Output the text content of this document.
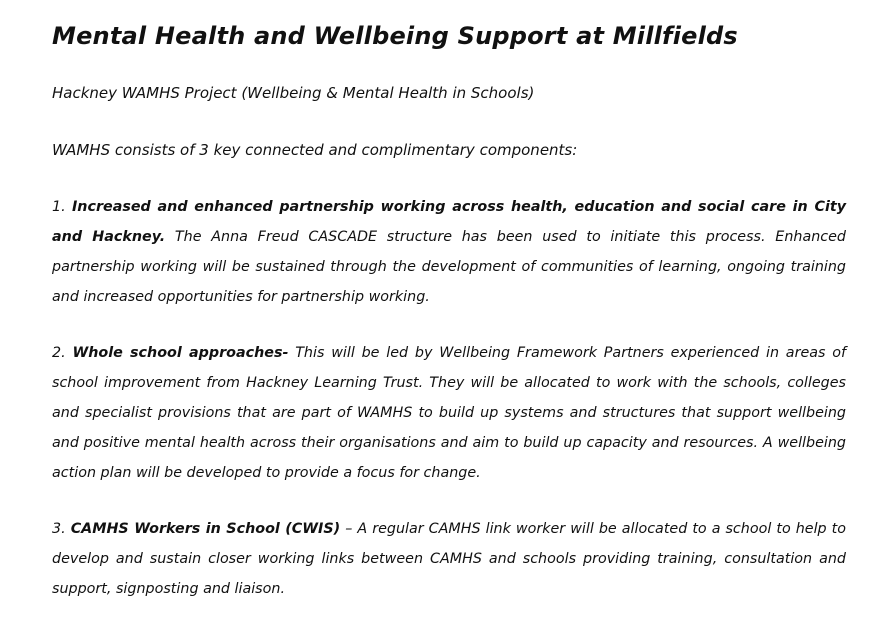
Mental Health and Wellbeing Support at Millfields
Hackney WAMHS Project (Wellbeing & Mental Health in Schools)
WAMHS consists of 3 key connected and complimentary components:

1. Increased and enhanced partnership working across health, education and social care in City and Hackney. The Anna Freud CASCADE structure has been used to initiate this process. Enhanced partnership working will be sustained through the development of communities of learning, ongoing training and increased opportunities for partnership working.

2. Whole school approaches- This will be led by Wellbeing Framework Partners experienced in areas of school improvement from Hackney Learning Trust. They will be allocated to work with the schools, colleges and specialist provisions that are part of WAMHS to build up systems and structures that support wellbeing and positive mental health across their organisations and aim to build up capacity and resources. A wellbeing action plan will be developed to provide a focus for change.

3. CAMHS Workers in School (CWIS) – A regular CAMHS link worker will be allocated to a school to help to develop and sustain closer working links between CAMHS and schools providing training, consultation and support, signposting and liaison.
